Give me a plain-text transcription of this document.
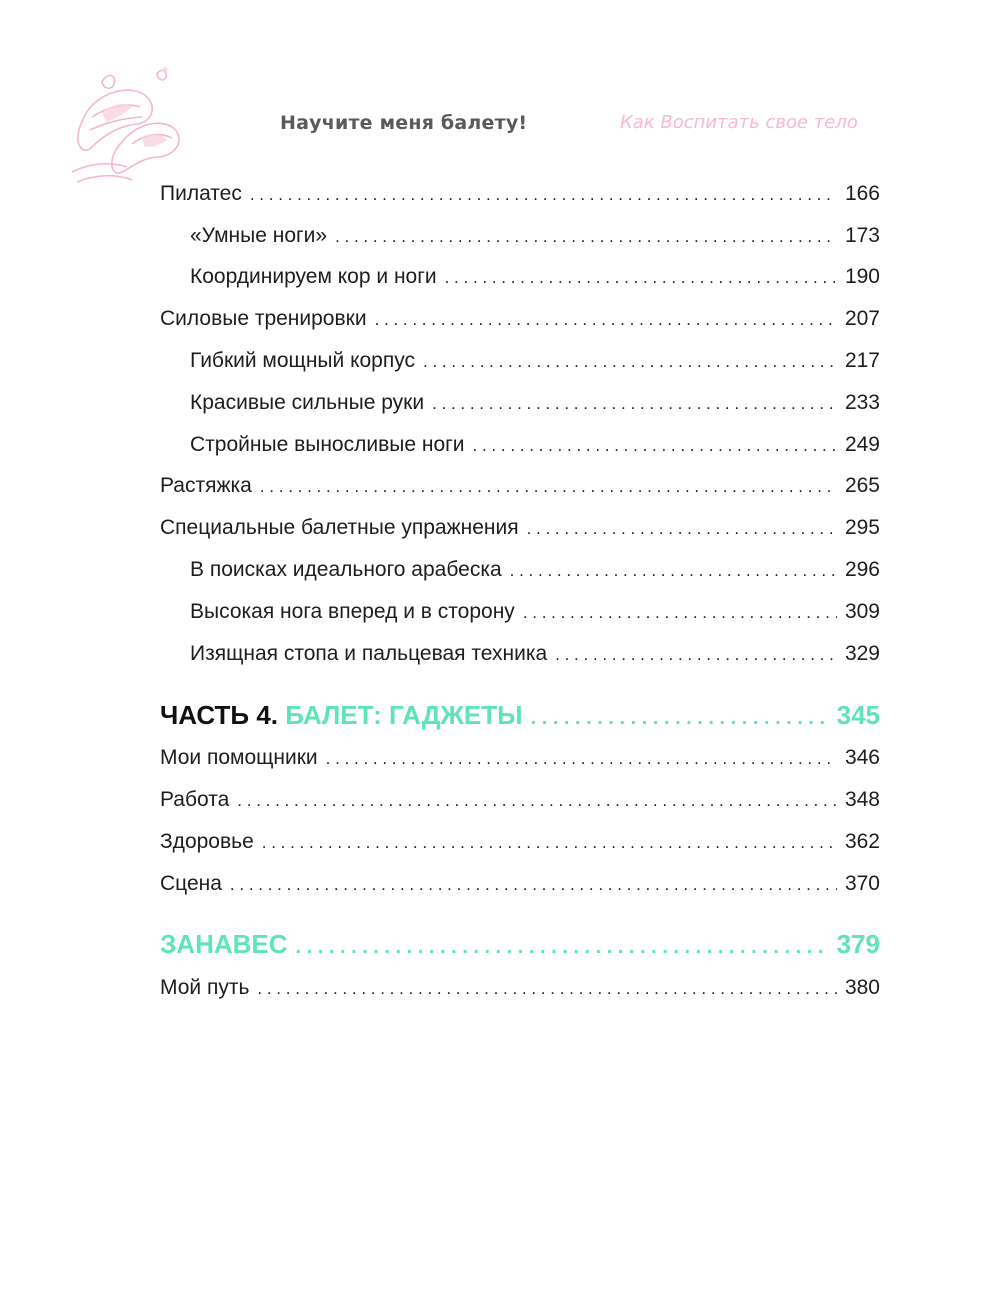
Научите меня балету!	Как Воспитать свое тело
Пилатес . . .	166
«Умные ноги» . . .	173
Координируем кор и ноги . . .	190
Силовые тренировки . . .	207
Гибкий мощный корпус . . .	217
Красивые сильные руки . . .	233
Стройные выносливые ноги . . .	249
Растяжка . . .	265
Специальные балетные упражнения . . .	295
В поисках идеального арабеска . . .	296
Высокая нога вперед и в сторону . . .	309
Изящная стопа и пальцевая техника . . .	329
ЧАСТЬ 4. БАЛЕТ: ГАДЖЕТЫ . . .	345
Мои помощники . . .	346
Работа . . .	348
Здоровье . . .	362
Сцена . . .	370
ЗАНАВЕС . . .	379
Мой путь . . .	380
